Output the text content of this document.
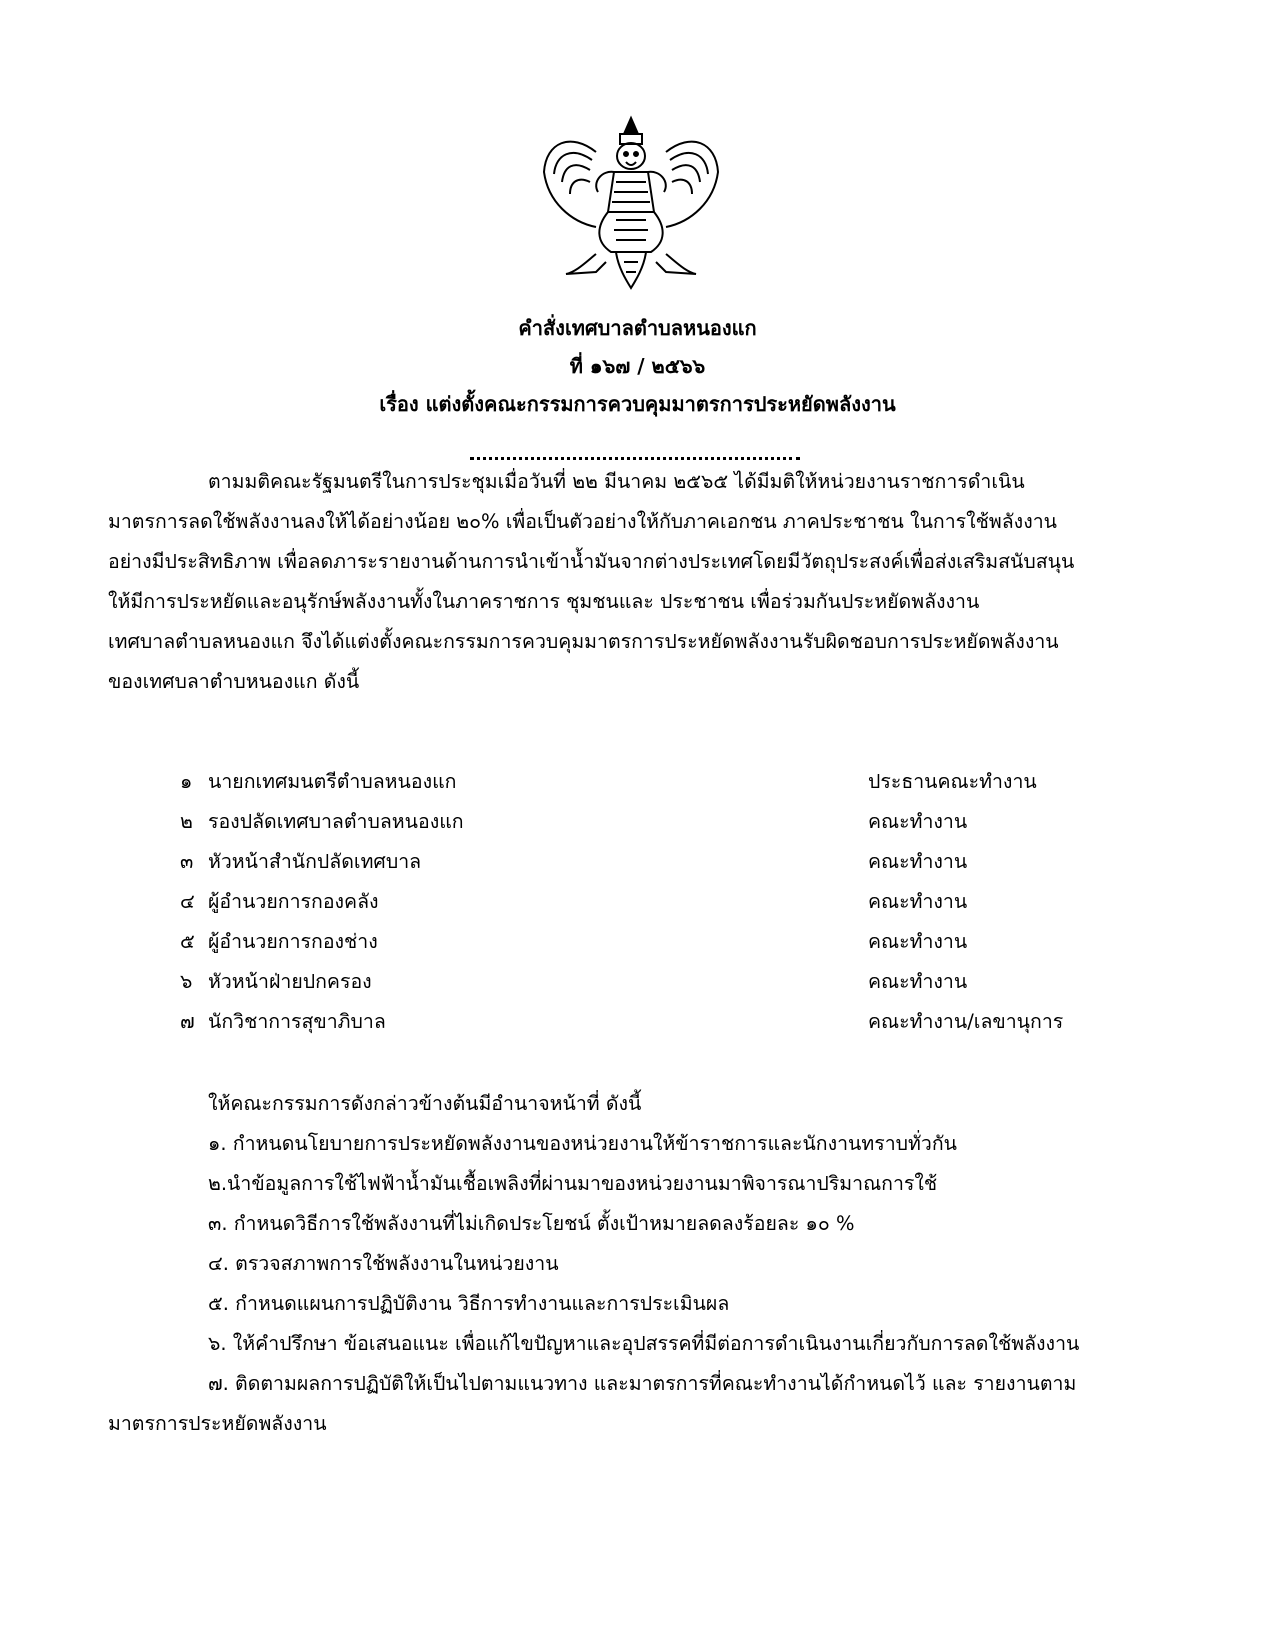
คำสั่งเทศบาลตำบลหนองแก
ที่ ๑๖๗ / ๒๕๖๖
เรื่อง แต่งตั้งคณะกรรมการควบคุมมาตรการประหยัดพลังงาน
ตามมติคณะรัฐมนตรีในการประชุมเมื่อวันที่ ๒๒ มีนาคม ๒๕๖๕ ได้มีมติให้หน่วยงานราชการดำเนิน
มาตรการลดใช้พลังงานลงให้ได้อย่างน้อย ๒๐% เพื่อเป็นตัวอย่างให้กับภาคเอกชน ภาคประชาชน ในการใช้พลังงาน
อย่างมีประสิทธิภาพ เพื่อลดภาระรายงานด้านการนำเข้าน้ำมันจากต่างประเทศโดยมีวัตถุประสงค์เพื่อส่งเสริมสนับสนุน
ให้มีการประหยัดและอนุรักษ์พลังงานทั้งในภาคราชการ ชุมชนและ ประชาชน เพื่อร่วมกันประหยัดพลังงาน
เทศบาลตำบลหนองแก จึงได้แต่งตั้งคณะกรรมการควบคุมมาตรการประหยัดพลังงานรับผิดชอบการประหยัดพลังงาน
ของเทศบลาตำบหนองแก ดังนี้
๑ นายกเทศมนตรีตำบลหนองแก	ประธานคณะทำงาน
๒ รองปลัดเทศบาลตำบลหนองแก	คณะทำงาน
๓ หัวหน้าสำนักปลัดเทศบาล	คณะทำงาน
๔ ผู้อำนวยการกองคลัง	คณะทำงาน
๕ ผู้อำนวยการกองช่าง	คณะทำงาน
๖ หัวหน้าฝ่ายปกครอง	คณะทำงาน
๗ นักวิชาการสุขาภิบาล	คณะทำงาน/เลขานุการ
ให้คณะกรรมการดังกล่าวข้างต้นมีอำนาจหน้าที่ ดังนี้
๑. กำหนดนโยบายการประหยัดพลังงานของหน่วยงานให้ข้าราชการและนักงานทราบทั่วกัน
๒.นำข้อมูลการใช้ไฟฟ้าน้ำมันเชื้อเพลิงที่ผ่านมาของหน่วยงานมาพิจารณาปริมาณการใช้
๓. กำหนดวิธีการใช้พลังงานที่ไม่เกิดประโยชน์ ตั้งเป้าหมายลดลงร้อยละ ๑๐ %
๔. ตรวจสภาพการใช้พลังงานในหน่วยงาน
๕. กำหนดแผนการปฏิบัติงาน วิธีการทำงานและการประเมินผล
๖. ให้คำปรึกษา ข้อเสนอแนะ เพื่อแก้ไขปัญหาและอุปสรรคที่มีต่อการดำเนินงานเกี่ยวกับการลดใช้พลังงาน
๗. ติดตามผลการปฏิบัติให้เป็นไปตามแนวทาง และมาตรการที่คณะทำงานได้กำหนดไว้ และ รายงานตาม
มาตรการประหยัดพลังงาน
